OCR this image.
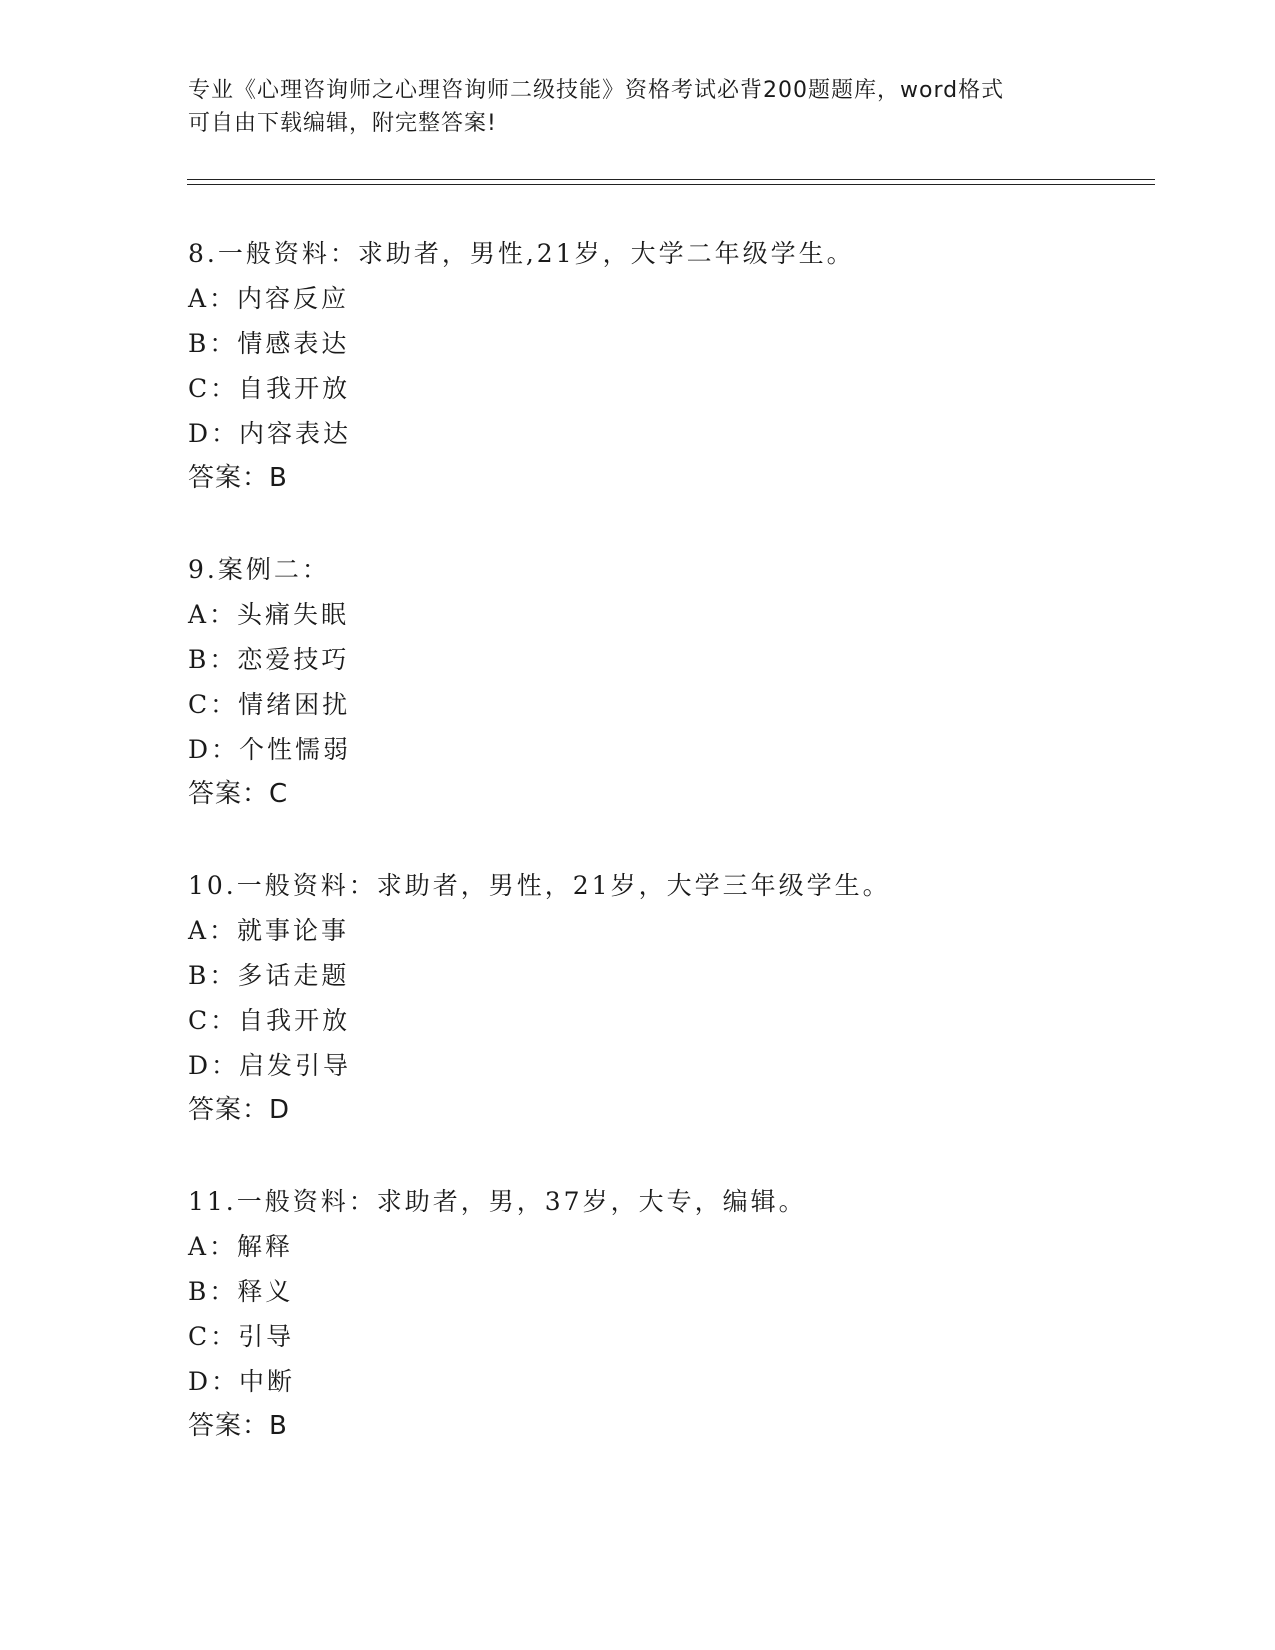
专业《心理咨询师之心理咨询师二级技能》资格考试必背200题题库，word格式
可自由下载编辑，附完整答案!
8.一般资料：求助者，男性,21岁，大学二年级学生。
A：内容反应
B：情感表达
C：自我开放
D：内容表达
答案：B
9.案例二：
A：头痛失眠
B：恋爱技巧
C：情绪困扰
D：个性懦弱
答案：C
10.一般资料：求助者，男性，21岁，大学三年级学生。
A：就事论事
B：多话走题
C：自我开放
D：启发引导
答案：D
11.一般资料：求助者，男，37岁，大专，编辑。
A：解释
B：释义
C：引导
D：中断
答案：B
